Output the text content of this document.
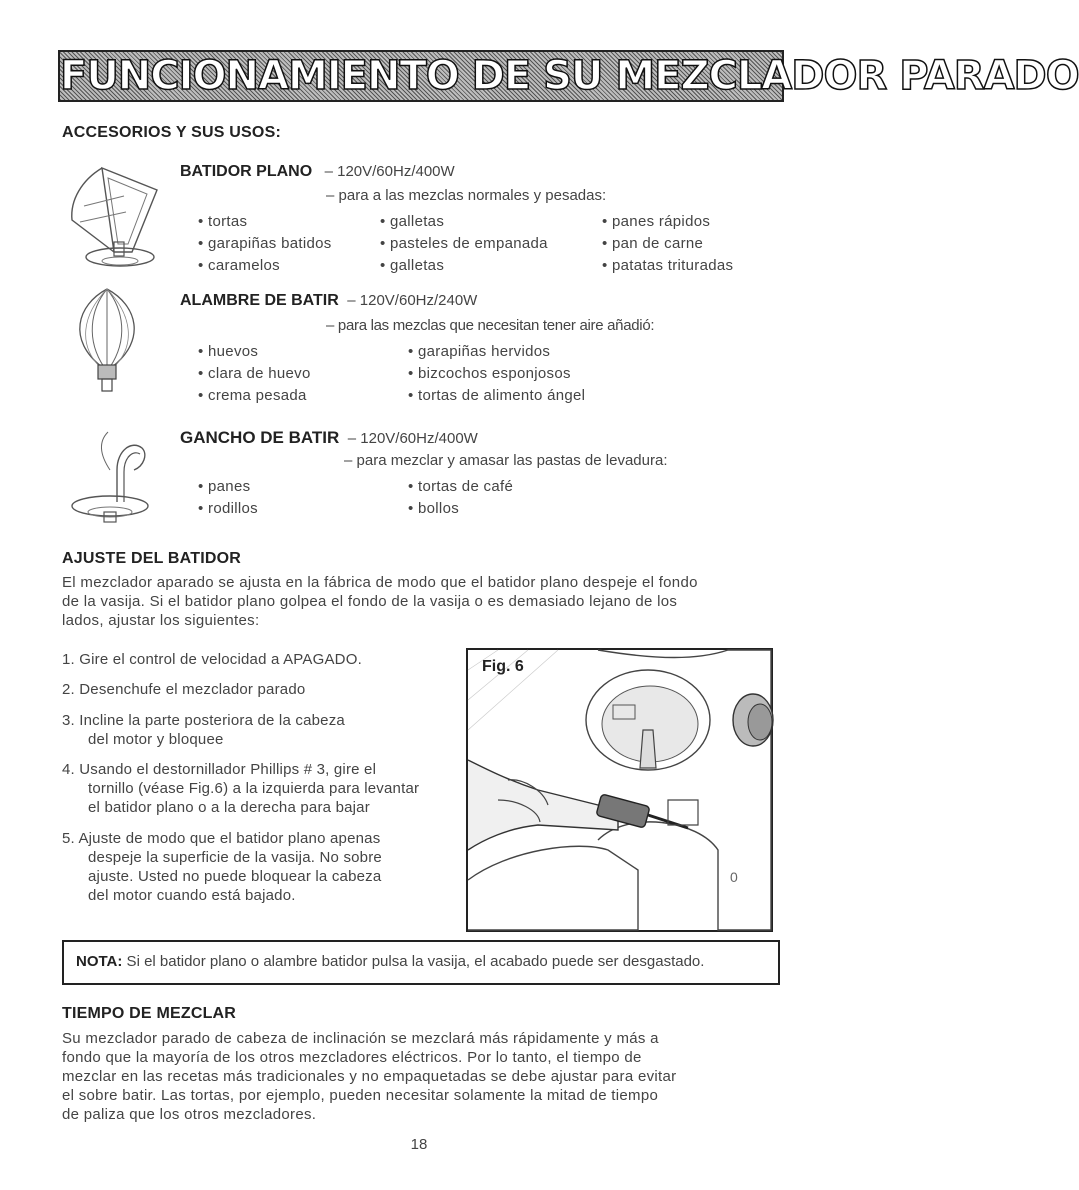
FUNCIONAMIENTO DE SU MEZCLADOR PARADO
ACCESORIOS Y SUS USOS:
BATIDOR PLANO – 120V/60Hz/400W
– para a las mezclas normales y pesadas:
• tortas	• galletas	• panes rápidos
• garapiñas batidos	• pasteles de empanada	• pan de carne
• caramelos	• galletas	• patatas trituradas
ALAMBRE DE BATIR – 120V/60Hz/240W
– para las mezclas que necesitan tener aire añadió:
• huevos	• garapiñas hervidos
• clara de huevo	• bizcochos esponjosos
• crema pesada	• tortas de alimento ángel
GANCHO DE BATIR – 120V/60Hz/400W
– para mezclar y amasar las pastas de levadura:
• panes	• tortas de café
• rodillos	• bollos
AJUSTE DEL BATIDOR
El mezclador aparado se ajusta en la fábrica de modo que el batidor plano despeje el fondo
de la vasija. Si el batidor plano golpea el fondo de la vasija o es demasiado lejano de los
lados, ajustar los siguientes:
1. Gire el control de velocidad a APAGADO.
2. Desenchufe el mezclador parado
3. Incline la parte posteriora de la cabeza
del motor y bloquee
4. Usando el destornillador Phillips # 3, gire el
tornillo (véase Fig.6) a la izquierda para levantar
el batidor plano o a la derecha para bajar
5. Ajuste de modo que el batidor plano apenas
despeje la superficie de la vasija. No sobre
ajuste. Usted no puede bloquear la cabeza
del motor cuando está bajado.
0
Fig. 6
NOTA: Si el batidor plano o alambre batidor pulsa la vasija, el acabado puede ser desgastado.
TIEMPO DE MEZCLAR
Su mezclador parado de cabeza de inclinación se mezclará más rápidamente y más a
fondo que la mayoría de los otros mezcladores eléctricos. Por lo tanto, el tiempo de
mezclar en las recetas más tradicionales y no empaquetadas se debe ajustar para evitar
el sobre batir. Las tortas, por ejemplo, pueden necesitar solamente la mitad de tiempo
de paliza que los otros mezcladores.
18
